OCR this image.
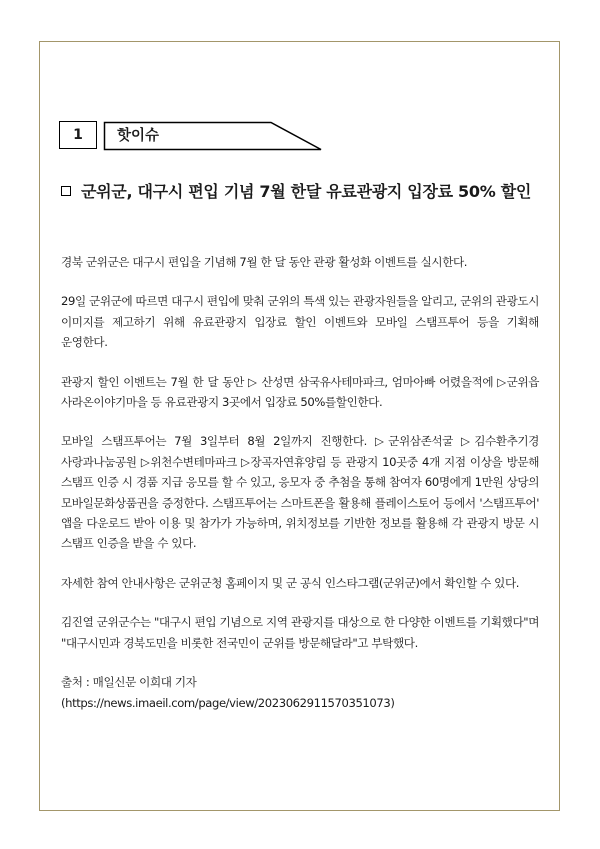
1	핫이슈
군위군, 대구시 편입 기념 7월 한달 유료관광지 입장료 50% 할인

경북 군위군은 대구시 편입을 기념해 7월 한 달 동안 관광 활성화 이벤트를 실시한다.

29일 군위군에 따르면 대구시 편입에 맞춰 군위의 특색 있는 관광자원들을 알리고, 군위의 관광도시 이미지를 제고하기 위해 유료관광지 입장료 할인 이벤트와 모바일 스탬프투어 등을 기획해 운영한다.

관광지 할인 이벤트는 7월 한 달 동안 ▷ 산성면 삼국유사테마파크, 엄마아빠 어렸을적에 ▷군위읍 사라온이야기마을 등 유료관광지 3곳에서 입장료 50%를할인한다.

모바일 스탬프투어는 7월 3일부터 8월 2일까지 진행한다. ▷군위삼존석굴 ▷김수환추기경 사랑과나눔공원 ▷위천수변테마파크 ▷장곡자연휴양림 등 관광지 10곳중 4개 지점 이상을 방문해 스탬프 인증 시 경품 지급 응모를 할 수 있고, 응모자 중 추첨을 통해 참여자 60명에게 1만원 상당의 모바일문화상품권을 증정한다. 스탬프투어는 스마트폰을 활용해 플레이스토어 등에서 '스탬프투어' 앱을 다운로드 받아 이용 및 참가가 가능하며, 위치정보를 기반한 정보를 활용해 각 관광지 방문 시 스탬프 인증을 받을 수 있다.

자세한 참여 안내사항은 군위군청 홈페이지 및 군 공식 인스타그램(군위군)에서 확인할 수 있다.

김진열 군위군수는 "대구시 편입 기념으로 지역 관광지를 대상으로 한 다양한 이벤트를 기획했다"며 "대구시민과 경북도민을 비롯한 전국민이 군위를 방문해달라"고 부탁했다.

출처 : 매일신문 이희대 기자
(https://news.imaeil.com/page/view/2023062911570351073)
